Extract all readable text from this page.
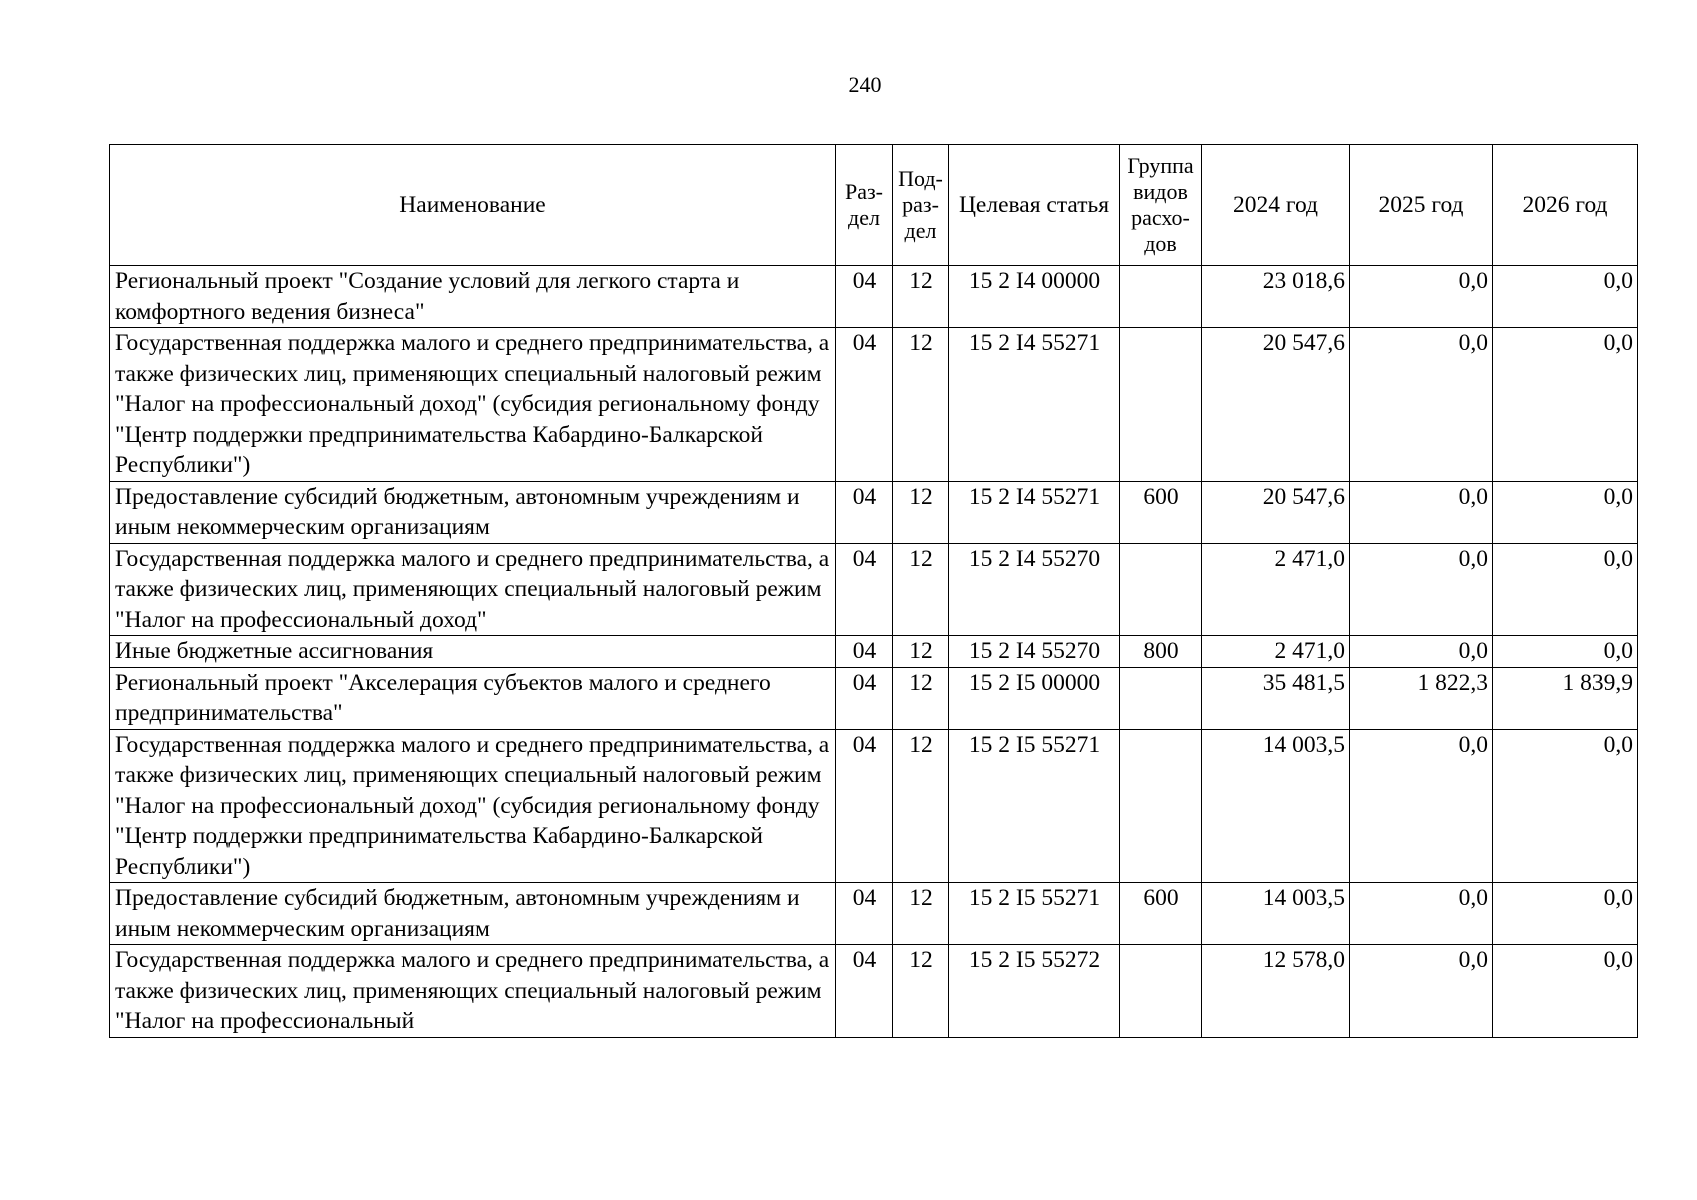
240
Наименование	Раз-дел	Под-раз-дел	Целевая статья	Группа видов расхо-дов	2024 год	2025 год	2026 год
Региональный проект "Создание условий для легкого старта и комфортного ведения бизнеса"	04	12	15 2 I4 00000		23 018,6	0,0	0,0
Государственная поддержка малого и среднего предпринимательства, а также физических лиц, применяющих специальный налоговый режим "Налог на профессиональный доход" (субсидия региональному фонду "Центр поддержки предпринимательства Кабардино-Балкарской Республики")	04	12	15 2 I4 55271		20 547,6	0,0	0,0
Предоставление субсидий бюджетным, автономным учреждениям и иным некоммерческим организациям	04	12	15 2 I4 55271	600	20 547,6	0,0	0,0
Государственная поддержка малого и среднего предпринимательства, а также физических лиц, применяющих специальный налоговый режим "Налог на профессиональный доход"	04	12	15 2 I4 55270		2 471,0	0,0	0,0
Иные бюджетные ассигнования	04	12	15 2 I4 55270	800	2 471,0	0,0	0,0
Региональный проект "Акселерация субъектов малого и среднего предпринимательства"	04	12	15 2 I5 00000		35 481,5	1 822,3	1 839,9
Государственная поддержка малого и среднего предпринимательства, а также физических лиц, применяющих специальный налоговый режим "Налог на профессиональный доход" (субсидия региональному фонду "Центр поддержки предпринимательства Кабардино-Балкарской Республики")	04	12	15 2 I5 55271		14 003,5	0,0	0,0
Предоставление субсидий бюджетным, автономным учреждениям и иным некоммерческим организациям	04	12	15 2 I5 55271	600	14 003,5	0,0	0,0
Государственная поддержка малого и среднего предпринимательства, а также физических лиц, применяющих специальный налоговый режим "Налог на профессиональный	04	12	15 2 I5 55272		12 578,0	0,0	0,0
